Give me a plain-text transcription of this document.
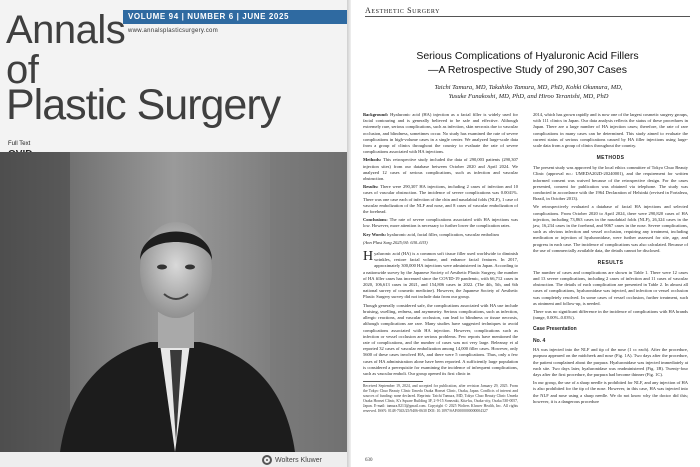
VOLUME 94 | NUMBER 6 | JUNE 2025
www.annalsplasticsurgery.com
Annals
of
Plastic Surgery
Full Text
Wolters Kluwer
Aesthetic Surgery
Serious Complications of Hyaluronic Acid Fillers
—A Retrospective Study of 290,307 Cases
Taichi Tamura, MD, Takahiko Tamura, MD, PhD, Kohki Okumura, MD,
Yusuke Funakoshi, MD, PhD, and Hiroo Teranishi, MD, PhD

Background: Hyaluronic acid (HA) injection as a facial filler is widely used for facial contouring and is generally believed to be safe and effective. Although extremely rare, serious complications, such as infection, skin necrosis due to vascular occlusion, and blindness, sometimes occur. No study has examined the rate of severe complications in high-volume cases in a single center. We analyzed large-scale data from a group of clinics throughout the country to evaluate the rate of severe complications associated with HA injections.

Methods: This retrospective study included the data of 290,003 patients (290,307 injection sites) from our database between October 2020 and April 2024. We analyzed 12 cases of serious complications, such as infection and vascular obstruction.

Results: There were 290,307 HA injections, including 2 cases of infection and 10 cases of vascular obstruction. The incidence of severe complications was 0.0041%. There was one case each of infection of the chin and nasolabial folds (NLF), 1 case of vascular embolization of the NLF and nose, and 8 cases of vascular embolization of the forehead.

Conclusions: The rate of severe complications associated with HA injections was low. However, more attention is necessary to further lower the complication rates.

Key Words: hyaluronic acid, facial filler, complication, vascular embolism

(Ann Plast Surg 2025;94: 630–633)

Hyaluronic acid (HA) is a common soft tissue filler used worldwide to diminish wrinkles, restore facial volume, and enhance facial features. In 2017, approximately 300,000 HA injections were administered in Japan. According to a nationwide survey by the Japanese Society of Aesthetic Plastic Surgery, the number of HA filler cases has increased since the COVID-19 pandemic, with 66,712 cases in 2020, 106,613 cases in 2021, and 154,806 cases in 2022. (The 4th, 5th, and 6th national survey of cosmetic medicine). However, the Japanese Society of Aesthetic Plastic Surgery survey did not include data from our group.

Though generally considered safe, the complications associated with HA use include bruising, swelling, redness, and asymmetry. Serious complications, such as infection, allergic reactions, and vascular occlusion, can lead to blindness or tissue necrosis, although complications are rare. Many studies have suggested techniques to avoid complications associated with HA injection. However, complications such as infection or vessel occlusion are serious problems. Few reports have mentioned the rate of complications, and the number of cases was not very large. Beleznay et al reported 32 cases of vascular embolization among 14,000 filler cases. However, only 5600 of these cases involved HA, and there were 5 complications. Thus, only a few cases of HA administration alone have been reported. A sufficiently large population is considered a prerequisite for examining the incidence of infrequent complications, such as vascular emboli. Our group opened its first clinic in

Received September 19, 2024, and accepted for publication, after revision January 29, 2025. From the Tokyo Chuo Beauty Clinic Umeda Osaka Honsei Clinic, Osaka, Japan. Conflicts of interest and sources of funding: none declared. Reprints: Taichi Tamura, MD, Tokyo Chuo Beauty Clinic Umeda Osaka Honsei Clinic, K's Square Building 3F, 2-9-15 Sonezaki, Kita-ku, Osaka-city, Osaka 530-0057, Japan. E-mail: tamura.8213@gmail.com. Copyright © 2025 Wolters Kluwer Health, Inc. All rights reserved. ISSN: 0148-7043/25/9406-0630 DOI: 10.1097/SAP.0000000000004327

2014, which has grown rapidly and is now one of the largest cosmetic surgery groups, with 111 clinics in Japan. Our data analysis reflects the status of these procedures in Japan. There are a large number of HA injection cases; therefore, the rate of rare complications in many cases can be determined. This study aimed to evaluate the current status of serious complications caused by HA filler injections using large-scale data from a group of clinics throughout the country.

METHODS

The present study was approved by the local ethics committee of Tokyo Chuo Beauty Clinic (approval no.: UMEDA202D-20240001), and the requirement for written informed consent was waived because of the retrospective design. For the cases presented, consent for publication was obtained via telephone. The study was conducted in accordance with the 1964 Declaration of Helsinki (revised in Fortaleza, Brazil, in October 2013).

We retrospectively evaluated a database of facial HA injections and selected complications. From October 2020 to April 2024, there were 290,820 cases of HA injection, including 73,863 cases in the nasolabial folds (NLF), 26,324 cases in the jaw, 16,234 cases in the forehead, and 9067 cases in the nose. Severe complications, such as obvious infection and vessel occlusion, requiring any treatment, including medication or injection of hyaluronidase, were further assessed for site, age, and progress in each case. The incidence of complications was also calculated. Because of the use of commercially available data, the details cannot be disclosed.

RESULTS

The number of cases and complications are shown in Table 1. There were 12 cases and 13 severe complications, including 2 cases of infection and 11 cases of vascular obstruction. The details of each complication are presented in Table 2. In almost all cases of complications, hyaluronidase was injected, and infection or vessel occlusion was completely resolved. In some cases of vessel occlusion, further treatment, such as ointment and follow-up, is needed.

There was no significant difference in the incidence of complications with HA brands (range, 0.00%–0.03%).

Case Presentation
No. 4

HA was injected into the NLF and tip of the nose (1 cc each). After the procedure, purpura appeared on the midcheek and nose (Fig. 1A). Two days after the procedure, the patient complained about the purpura. Hyaluronidase was injected immediately at each site. Two days later, hyaluronidase was readministered (Fig. 1B). Twenty-four days after the first procedure, the purpura had become thinner (Fig. 1C).

In our group, the use of a sharp needle is prohibited for NLF, and any injection of HA is also prohibited for the tip of the nose. However, in this case, HA was injected into the NLF and nose using a sharp needle. We do not know why the doctor did this; however, it is a dangerous procedure

630
